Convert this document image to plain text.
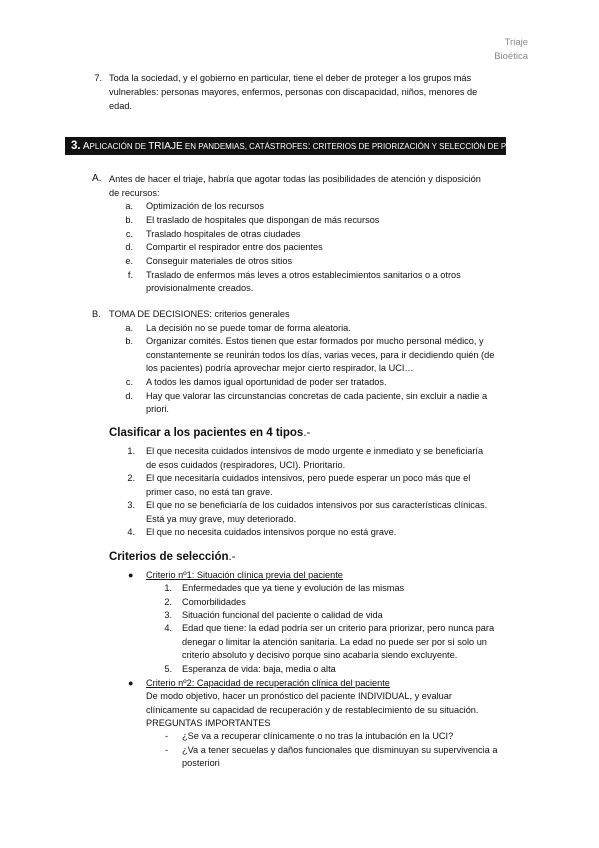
Triaje
Bioética
7. Toda la sociedad, y el gobierno en particular, tiene el deber de proteger a los grupos más
vulnerables: personas mayores, enfermos, personas con discapacidad, niños, menores de
edad.
3. APLICACIÓN DE TRIAJE EN PANDEMIAS, CATÁSTROFES: CRITERIOS DE PRIORIZACIÓN Y SELECCIÓN DE PACIENTES
A. Antes de hacer el triaje, habría que agotar todas las posibilidades de atención y disposición
de recursos:
a. Optimización de los recursos
b. El traslado de hospitales que dispongan de más recursos
c. Traslado hospitales de otras ciudades
d. Compartir el respirador entre dos pacientes
e. Conseguir materiales de otros sitios
f. Traslado de enfermos más leves a otros establecimientos sanitarios o a otros
provisionalmente creados.
B. TOMA DE DECISIONES: criterios generales
a. La decisión no se puede tomar de forma aleatoria.
b. Organizar comités. Estos tienen que estar formados por mucho personal médico, y
constantemente se reunirán todos los días, varias veces, para ir decidiendo quién (de
los pacientes) podría aprovechar mejor cierto respirador, la UCI…
c. A todos les damos igual oportunidad de poder ser tratados.
d. Hay que valorar las circunstancias concretas de cada paciente, sin excluir a nadie a
priori.
Clasificar a los pacientes en 4 tipos.-
1. El que necesita cuidados intensivos de modo urgente e inmediato y se beneficiaría
de esos cuidados (respiradores, UCI). Prioritario.
2. El que necesitaría cuidados intensivos, pero puede esperar un poco más que el
primer caso, no está tan grave.
3. El que no se beneficiaría de los cuidados intensivos por sus características clínicas.
Está ya muy grave, muy deteriorado.
4. El que no necesita cuidados intensivos porque no está grave.
Criterios de selección.-
● Criterio nº1: Situación clínica previa del paciente
1. Enfermedades que ya tiene y evolución de las mismas
2. Comorbilidades
3. Situación funcional del paciente o calidad de vida
4. Edad que tiene: la edad podría ser un criterio para priorizar, pero nunca para
denegar o limitar la atención sanitaria. La edad no puede ser por sí solo un
criterio absoluto y decisivo porque sino acabaría siendo excluyente.
5. Esperanza de vida: baja, media o alta
● Criterio nº2: Capacidad de recuperación clínica del paciente
De modo objetivo, hacer un pronóstico del paciente INDIVIDUAL, y evaluar
clínicamente su capacidad de recuperación y de restablecimiento de su situación.
PREGUNTAS IMPORTANTES
- ¿Se va a recuperar clínicamente o no tras la intubación en la UCI?
- ¿Va a tener secuelas y daños funcionales que disminuyan su supervivencia a
posteriori
